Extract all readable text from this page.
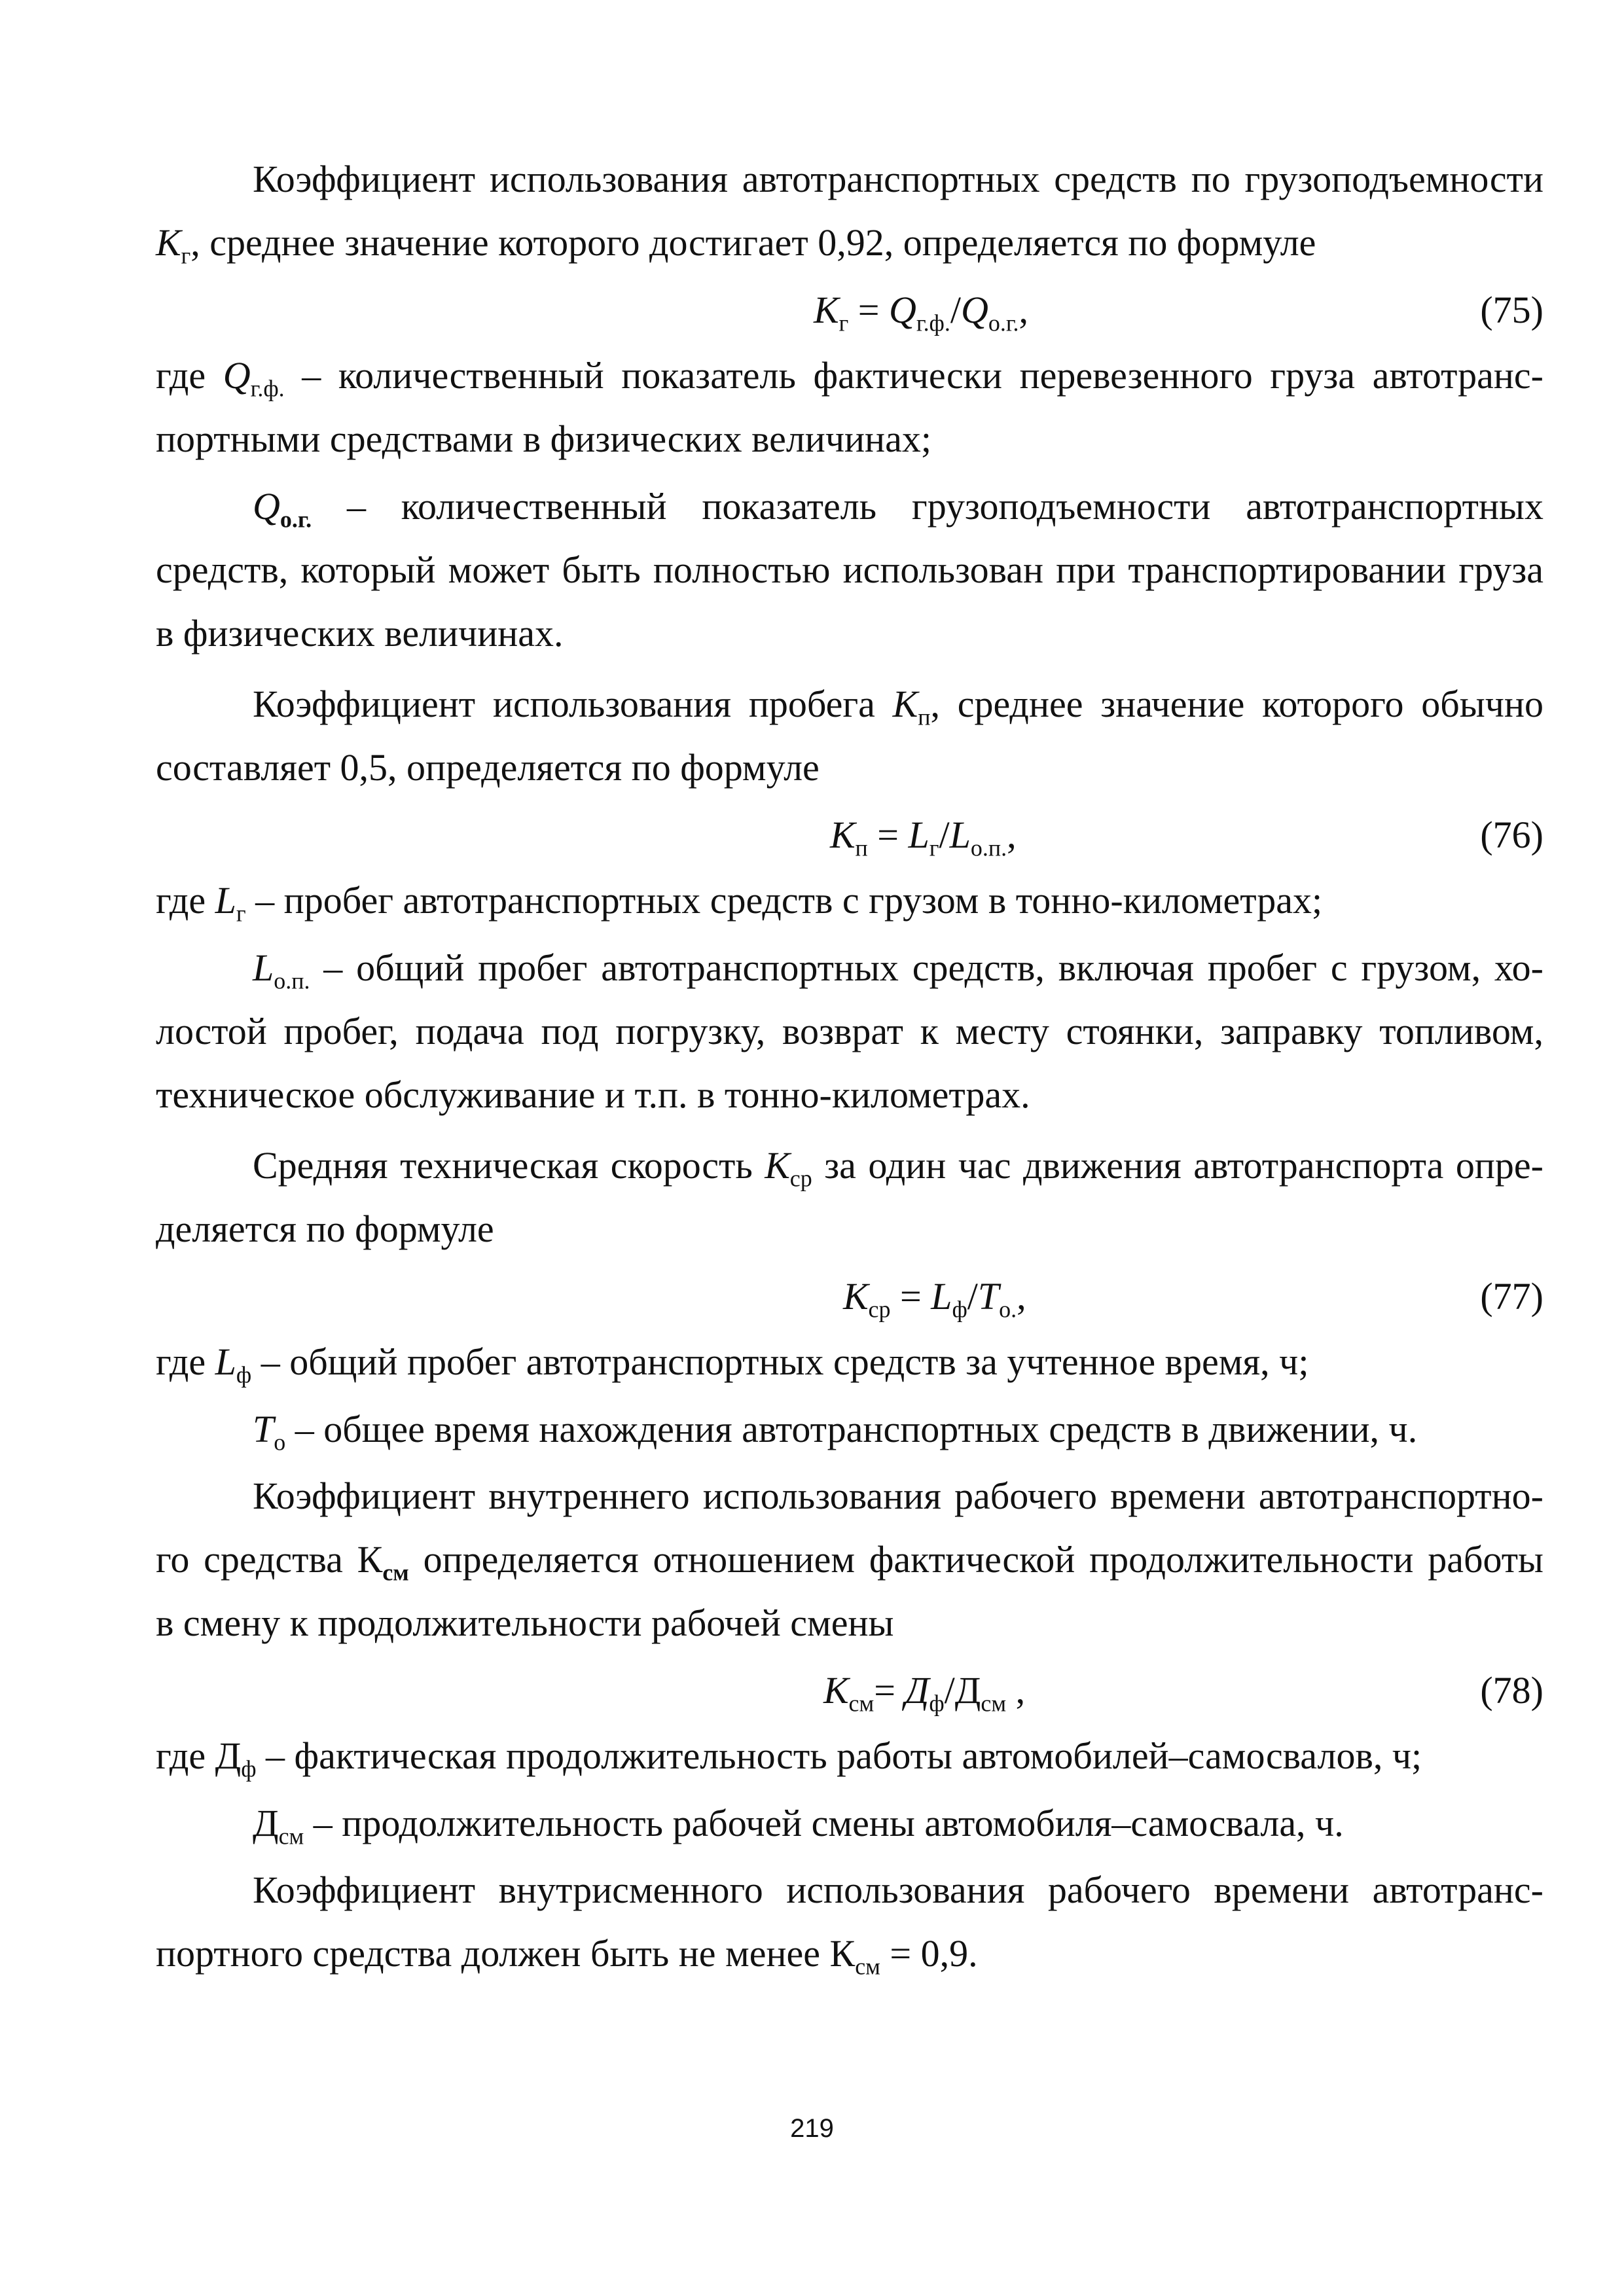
Коэффициент использования автотранспортных средств по грузоподъемности
$К_г$, среднее значение которого достигает 0,92, определяется по формуле
$К_г = Q_{г.ф.}/Q_{о.г.}$,	(75)
где $Q_{г.ф.}$ – количественный показатель фактически перевезенного груза автотранс-
портными средствами в физических величинах;
$Q_{о.г.}$ – количественный показатель грузоподъемности автотранспортных
средств, который может быть полностью использован при транспортировании груза
в физических величинах.
Коэффициент использования пробега $К_п$, среднее значение которого обычно
составляет 0,5, определяется по формуле
$К_п = L_г/L_{о.п.}$,	(76)
где $L_г$ – пробег автотранспортных средств с грузом в тонно-километрах;
$L_{о.п.}$ – общий пробег автотранспортных средств, включая пробег с грузом, хо-
лостой пробег, подача под погрузку, возврат к месту стоянки, заправку топливом,
техническое обслуживание и т.п. в тонно-километрах.
Средняя техническая скорость $К_{ср}$ за один час движения автотранспорта опре-
деляется по формуле
$К_{ср} = L_ф/T_{о.}$,	(77)
где $L_ф$ – общий пробег автотранспортных средств за учтенное время, ч;
$T_о$ – общее время нахождения автотранспортных средств в движении, ч.
Коэффициент внутреннего использования рабочего времени автотранспортно-
го средства $К_{см}$ определяется отношением фактической продолжительности работы
в смену к продолжительности рабочей смены
$К_{см}= Д_ф/Д_{см}$ ,	(78)
где $Д_ф$ – фактическая продолжительность работы автомобилей–самосвалов, ч;
$Д_{см}$ – продолжительность рабочей смены автомобиля–самосвала, ч.
Коэффициент внутрисменного использования рабочего времени автотранс-
портного средства должен быть не менее $К_{см} = 0,9$.
219
